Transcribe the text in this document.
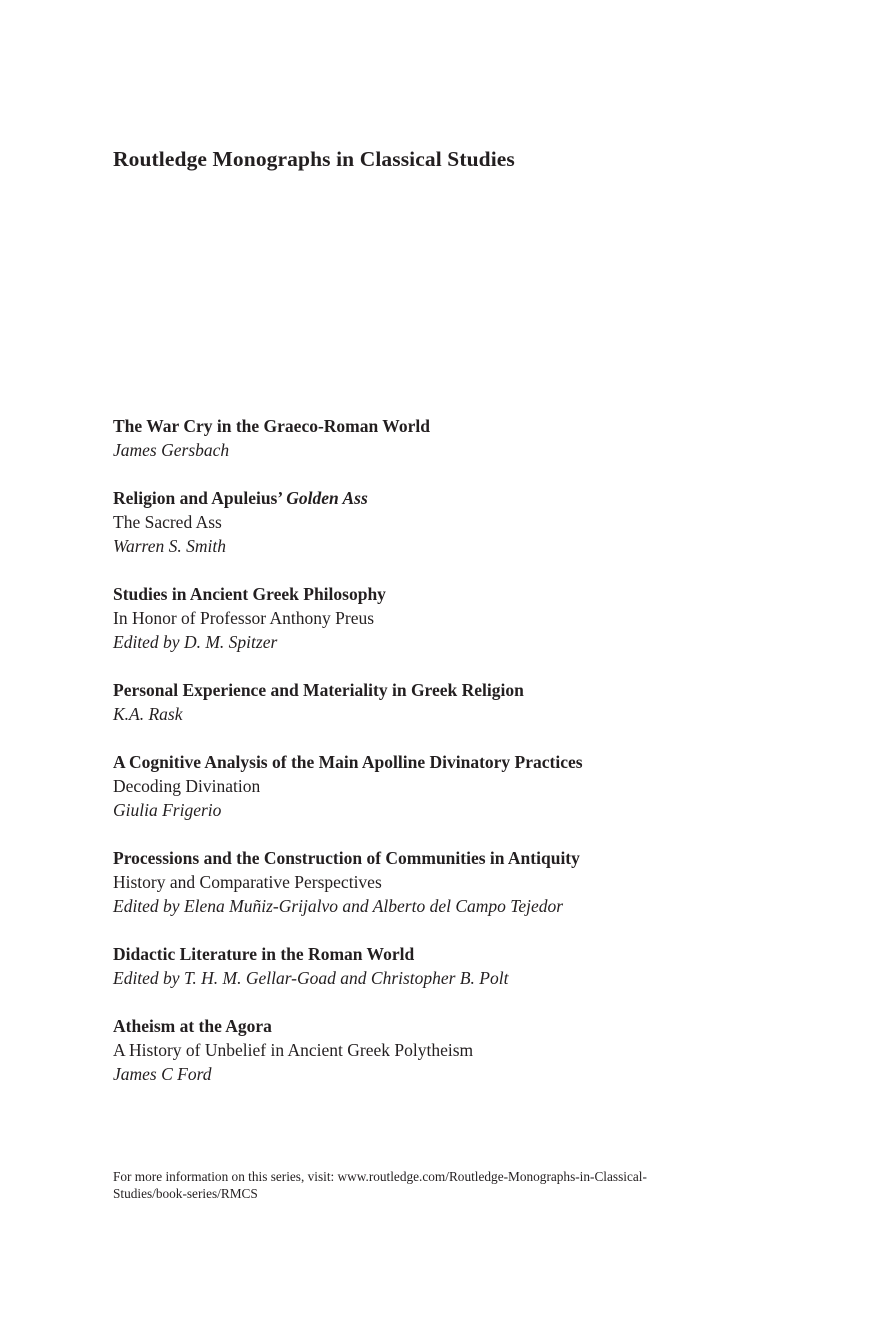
Routledge Monographs in Classical Studies
The War Cry in the Graeco-Roman World
James Gersbach
Religion and Apuleius’ Golden Ass
The Sacred Ass
Warren S. Smith
Studies in Ancient Greek Philosophy
In Honor of Professor Anthony Preus
Edited by D. M. Spitzer
Personal Experience and Materiality in Greek Religion
K.A. Rask
A Cognitive Analysis of the Main Apolline Divinatory Practices
Decoding Divination
Giulia Frigerio
Processions and the Construction of Communities in Antiquity
History and Comparative Perspectives
Edited by Elena Muñiz-Grijalvo and Alberto del Campo Tejedor
Didactic Literature in the Roman World
Edited by T. H. M. Gellar-Goad and Christopher B. Polt
Atheism at the Agora
A History of Unbelief in Ancient Greek Polytheism
James C Ford

For more information on this series, visit: www.routledge.com/Routledge-Monographs-in-Classical-
Studies/book-series/RMCS
